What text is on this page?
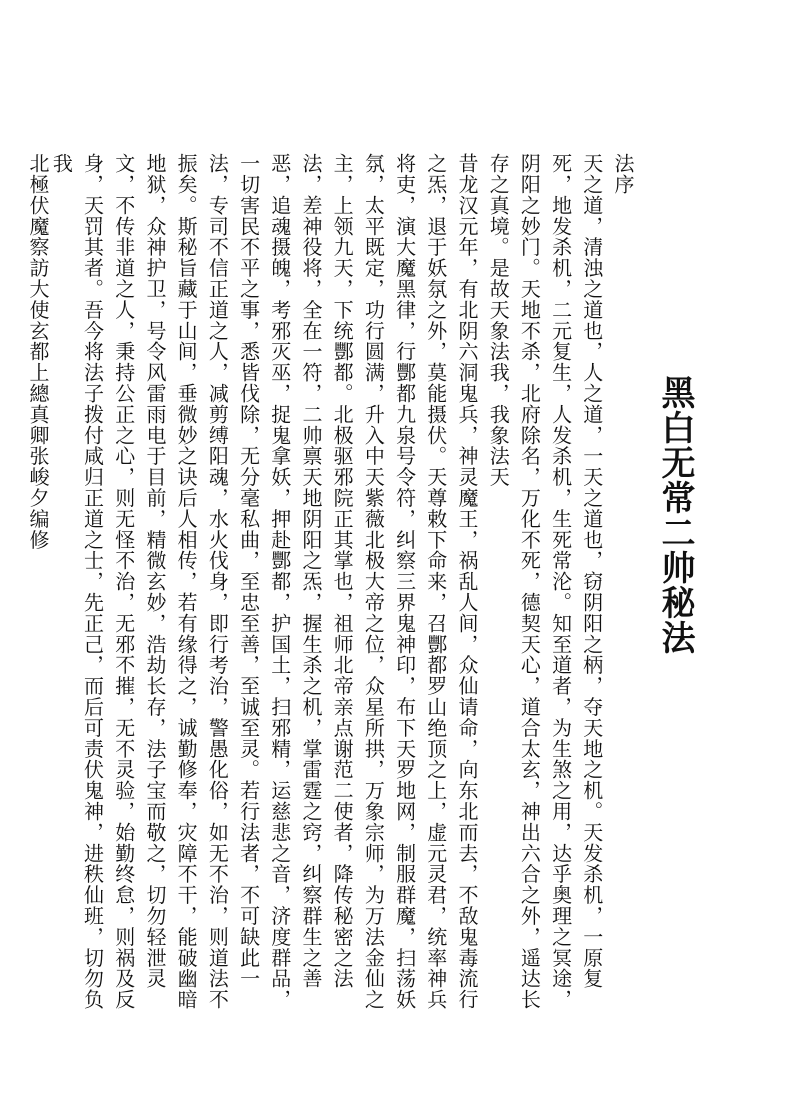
黑白无常二帅秘法
法序
天之道，清浊之道也，人之道，一天之道也，窃阴阳之柄，夺天地之机。天发杀机，一原复
死，地发杀机，二元复生，人发杀机，生死常沦。知至道者，为生煞之用，达乎奥理之冥途，
阴阳之妙门。天地不杀，北府除名，万化不死，德契天心，道合太玄，神出六合之外，遥达长
存之真境。是故天象法我，我象法天
昔龙汉元年，有北阴六洞鬼兵，神灵魔王，祸乱人间，众仙请命，向东北而去，不敌鬼毒流行
之炁，退于妖氛之外，莫能摄伏。天尊敕下命来，召酆都罗山绝顶之上，虚元灵君，统率神兵
将吏，演大魔黑律，行酆都九泉号令符，纠察三界鬼神印，布下天罗地网，制服群魔，扫荡妖
氛，太平既定，功行圆满，升入中天紫薇北极大帝之位，众星所拱，万象宗师，为万法金仙之
主，上领九天，下统酆都。北极驱邪院正其掌也，祖师北帝亲点谢范二使者，降传秘密之法
法，差神役将，全在一符，二帅禀天地阴阳之炁，握生杀之机，掌雷霆之窍，纠察群生之善
恶，追魂摄魄，考邪灭巫，捉鬼拿妖，押赴酆都，护国土，扫邪精，运慈悲之音，济度群品，
一切害民不平之事，悉皆伐除，无分毫私曲，至忠至善，至诚至灵。若行法者，不可缺此一
法，专司不信正道之人，减剪缚阳魂，水火伐身，即行考治，警愚化俗，如无不治，则道法不
振矣。斯秘旨藏于山间，垂微妙之诀后人相传，若有缘得之，诚勤修奉，灾障不干，能破幽暗
地狱，众神护卫，号令风雷雨电于目前，精微玄妙，浩劫长存，法子宝而敬之，切勿轻泄灵
文，不传非道之人，秉持公正之心，则无怪不治，无邪不摧，无不灵验，始勤终怠，则祸及反
身，天罚其者。吾今将法子拨付咸归正道之士，先正己，而后可责伏鬼神，进秩仙班，切勿负
我
北極伏魔察訪大使玄都上總真卿张峻夕编修
